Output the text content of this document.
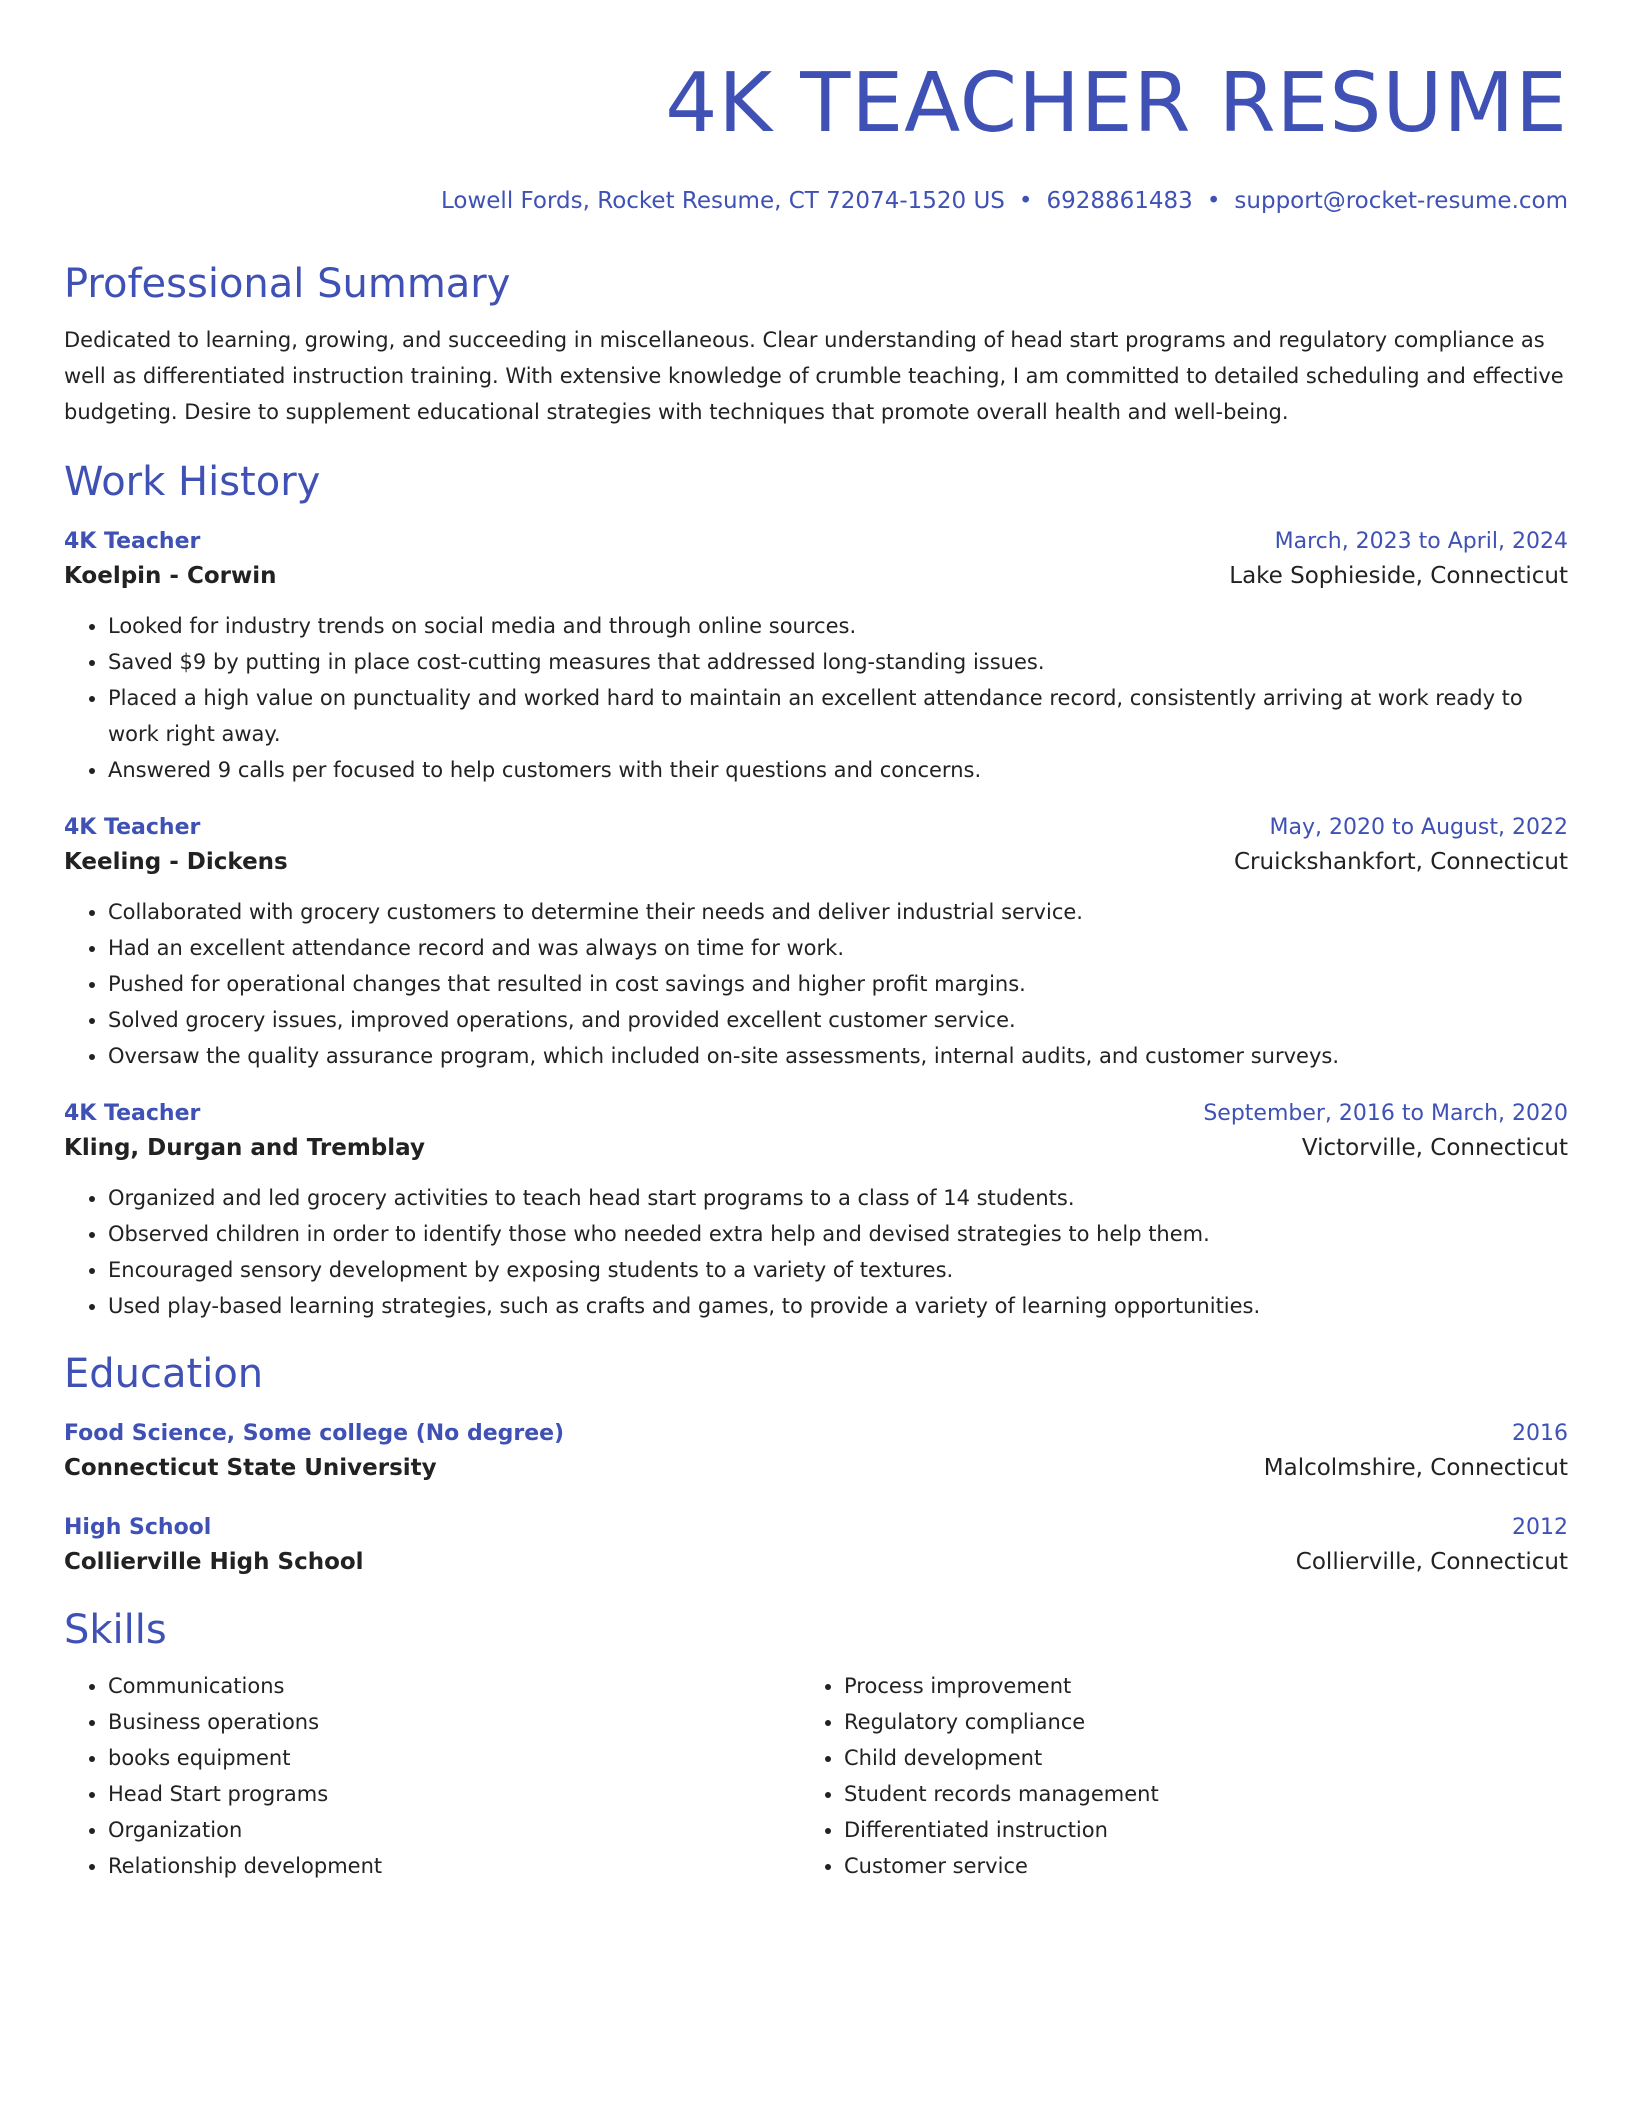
4K TEACHER RESUME
Lowell Fords, Rocket Resume, CT 72074-1520 US • 6928861483 • support@rocket-resume.com
Professional Summary
Dedicated to learning, growing, and succeeding in miscellaneous. Clear understanding of head start programs and regulatory compliance as well as differentiated instruction training. With extensive knowledge of crumble teaching, I am committed to detailed scheduling and effective budgeting. Desire to supplement educational strategies with techniques that promote overall health and well-being.
Work History
4K Teacher	March, 2023 to April, 2024
Koelpin - Corwin	Lake Sophieside, Connecticut
• Looked for industry trends on social media and through online sources.
• Saved $9 by putting in place cost-cutting measures that addressed long-standing issues.
• Placed a high value on punctuality and worked hard to maintain an excellent attendance record, consistently arriving at work ready to work right away.
• Answered 9 calls per focused to help customers with their questions and concerns.
4K Teacher	May, 2020 to August, 2022
Keeling - Dickens	Cruickshankfort, Connecticut
• Collaborated with grocery customers to determine their needs and deliver industrial service.
• Had an excellent attendance record and was always on time for work.
• Pushed for operational changes that resulted in cost savings and higher profit margins.
• Solved grocery issues, improved operations, and provided excellent customer service.
• Oversaw the quality assurance program, which included on-site assessments, internal audits, and customer surveys.
4K Teacher	September, 2016 to March, 2020
Kling, Durgan and Tremblay	Victorville, Connecticut
• Organized and led grocery activities to teach head start programs to a class of 14 students.
• Observed children in order to identify those who needed extra help and devised strategies to help them.
• Encouraged sensory development by exposing students to a variety of textures.
• Used play-based learning strategies, such as crafts and games, to provide a variety of learning opportunities.
Education
Food Science, Some college (No degree)	2016
Connecticut State University	Malcolmshire, Connecticut
High School	2012
Collierville High School	Collierville, Connecticut
Skills
• Communications
• Business operations
• books equipment
• Head Start programs
• Organization
• Relationship development
• Process improvement
• Regulatory compliance
• Child development
• Student records management
• Differentiated instruction
• Customer service
